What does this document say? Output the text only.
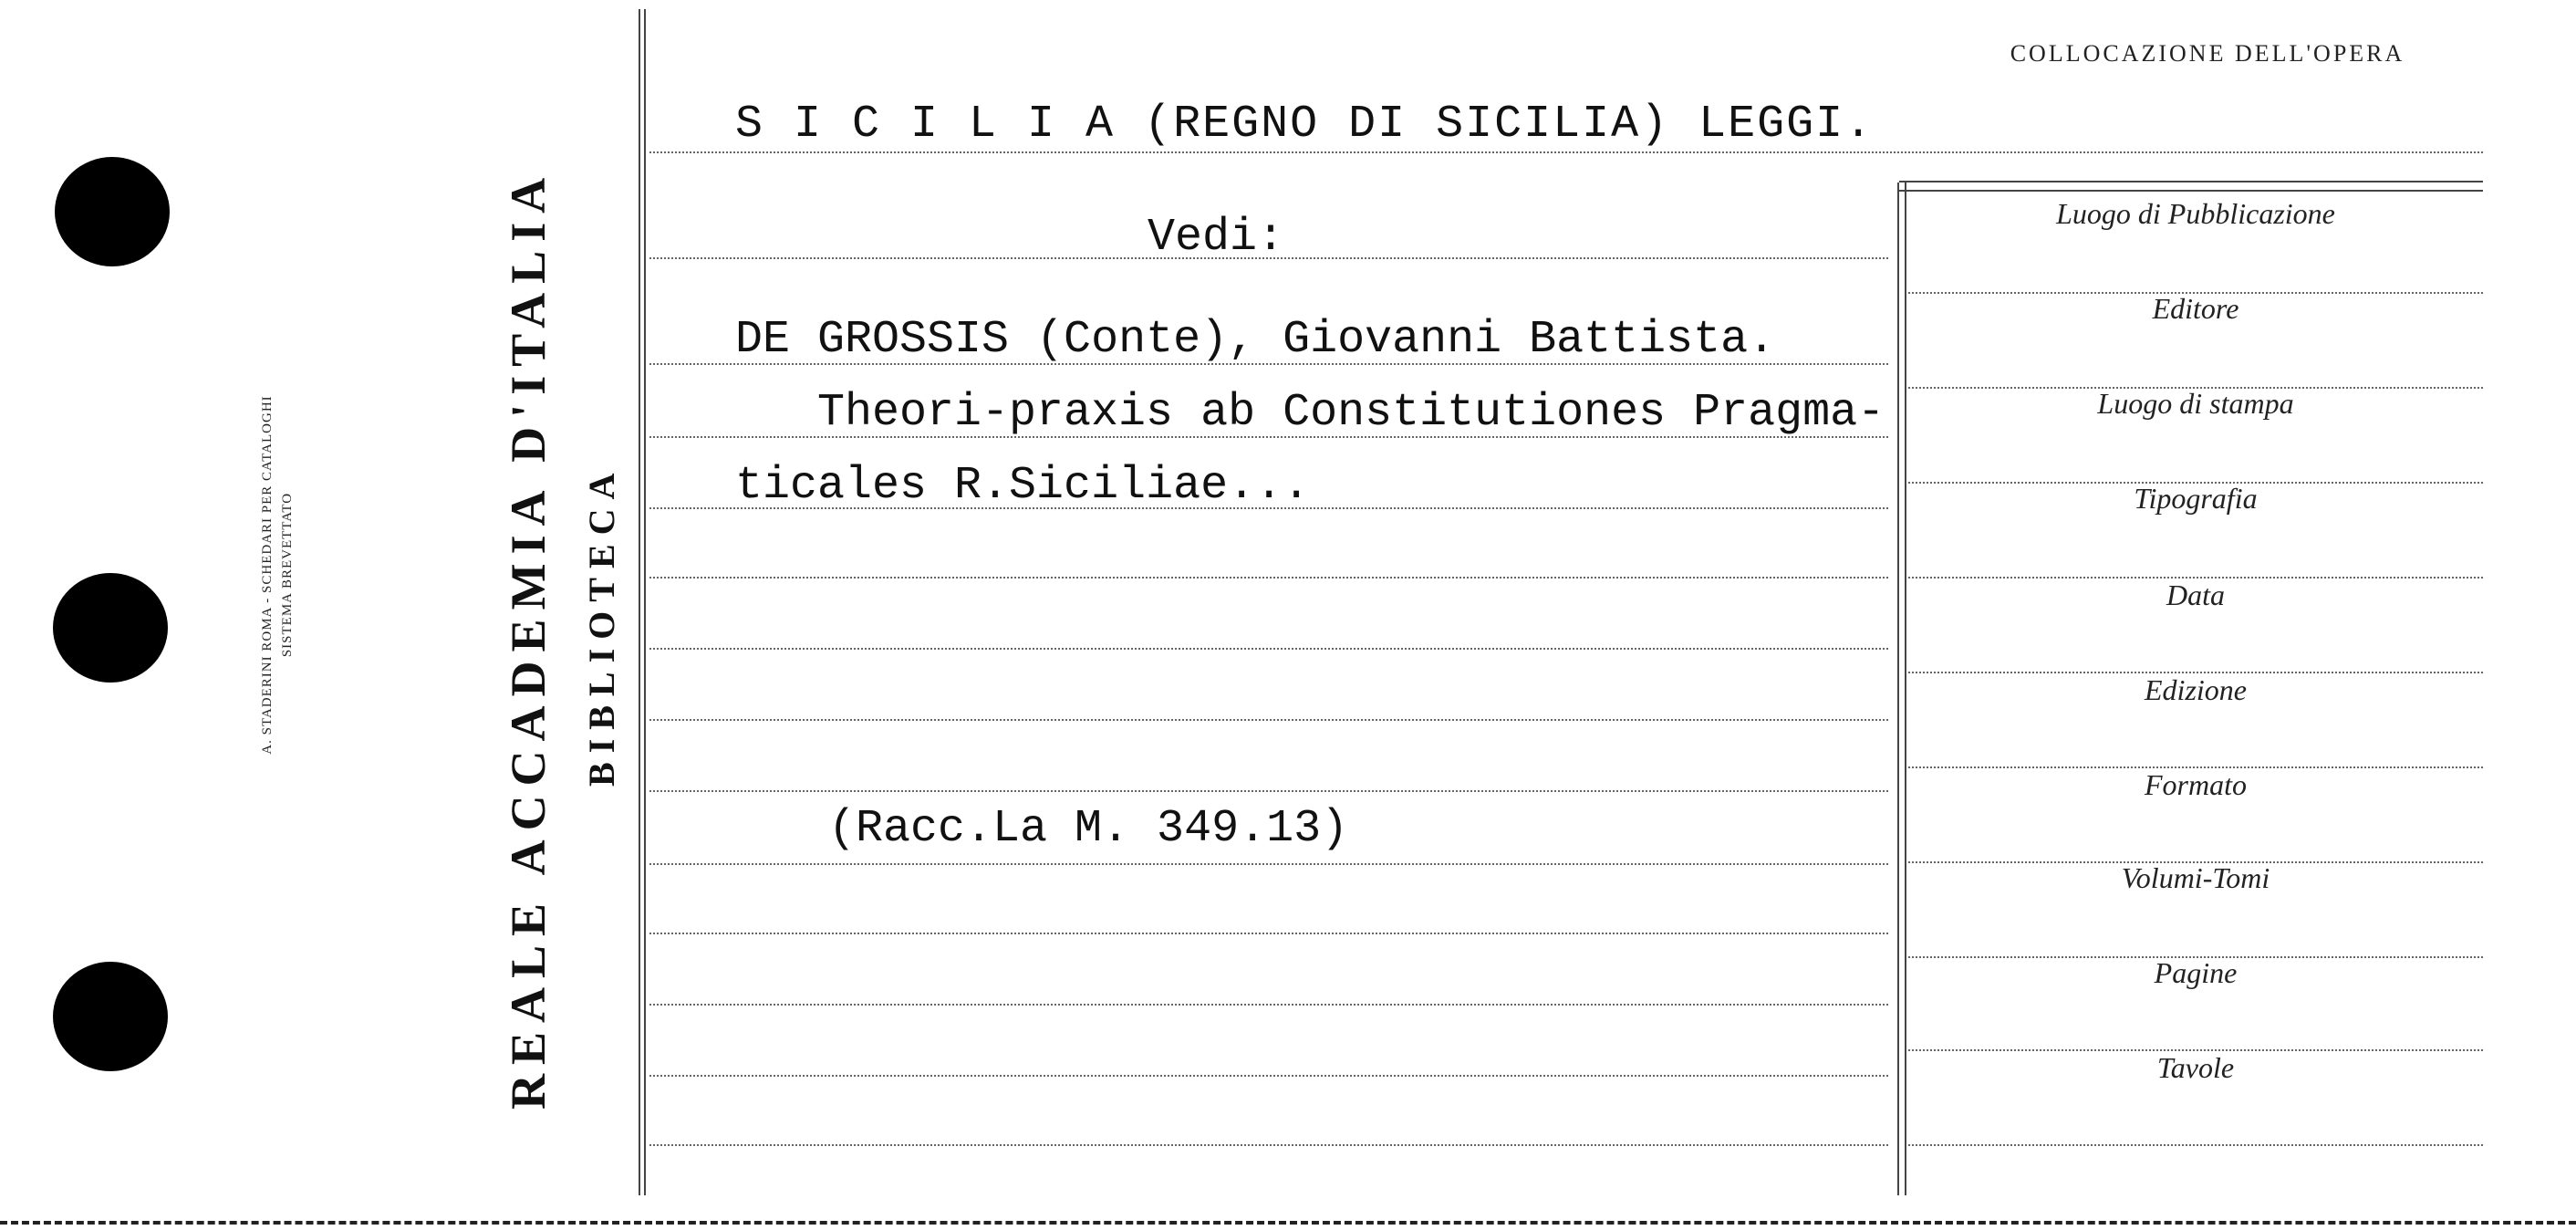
A. STADERINI ROMA - SCHEDARI PER CATALOGHI SISTEMA BREVETTATO	REALE ACCADEMIA D'ITALIA BIBLIOTECA
COLLOCAZIONE DELL'OPERA
S I C I L I A (REGNO DI SICILIA) LEGGI.
Vedi:
DE GROSSIS (Conte), Giovanni Battista.
Theori-praxis ab Constitutiones Pragma-
ticales R.Siciliae...
(Racc.La M. 349.13)
Luogo di Pubblicazione
Editore
Luogo di stampa
Tipografia
Data
Edizione
Formato
Volumi-Tomi
Pagine
Tavole
